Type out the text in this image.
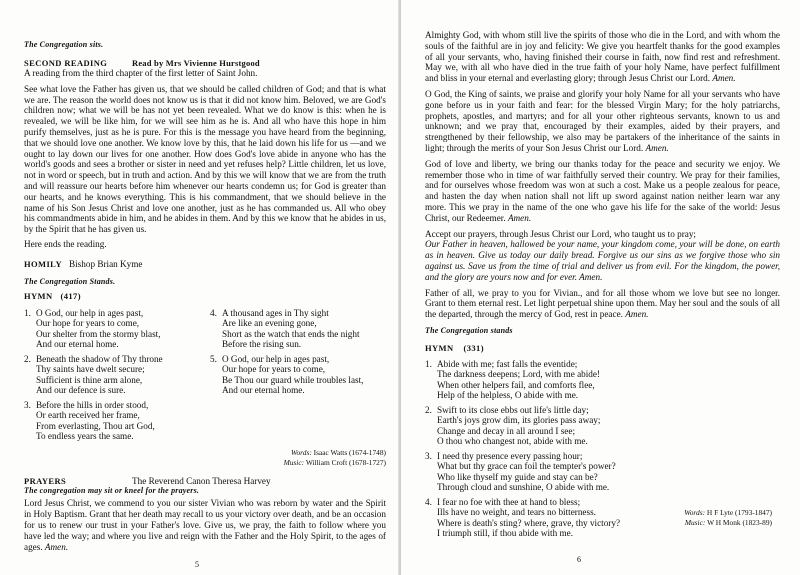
The Congregation sits.

SECOND READING	Read by Mrs Vivienne Hurstgood

A reading from the third chapter of the first letter of Saint John.

See what love the Father has given us, that we should be called children of God; and that is what we are. The reason the world does not know us is that it did not know him. Beloved, we are God's children now; what we will be has not yet been revealed. What we do know is this: when he is revealed, we will be like him, for we will see him as he is. And all who have this hope in him purify themselves, just as he is pure. For this is the message you have heard from the beginning, that we should love one another. We know love by this, that he laid down his life for us —and we ought to lay down our lives for one another. How does God's love abide in anyone who has the world's goods and sees a brother or sister in need and yet refuses help? Little children, let us love, not in word or speech, but in truth and action. And by this we will know that we are from the truth and will reassure our hearts before him whenever our hearts condemn us; for God is greater than our hearts, and he knows everything. This is his commandment, that we should believe in the name of his Son Jesus Christ and love one another, just as he has commanded us. All who obey his commandments abide in him, and he abides in them. And by this we know that he abides in us, by the Spirit that he has given us.

Here ends the reading.

HOMILY Bishop Brian Kyme

The Congregation Stands.

HYMN (417)
1. O God, our help in ages past,
Our hope for years to come,
Our shelter from the stormy blast,
And our eternal home.
2. Beneath the shadow of Thy throne
Thy saints have dwelt secure;
Sufficient is thine arm alone,
And our defence is sure.
3. Before the hills in order stood,
Or earth received her frame,
From everlasting, Thou art God,
To endless years the same.
4. A thousand ages in Thy sight
Are like an evening gone,
Short as the watch that ends the night
Before the rising sun.
5. O God, our help in ages past,
Our hope for years to come,
Be Thou our guard while troubles last,
And our eternal home.
Words: Isaac Watts (1674-1748)
Music: William Croft (1678-1727)
PRAYERS	The Reverend Canon Theresa Harvey

The congregation may sit or kneel for the prayers.

Lord Jesus Christ, we commend to you our sister Vivian who was reborn by water and the Spirit in Holy Baptism. Grant that her death may recall to us your victory over death, and be an occasion for us to renew our trust in your Father's love. Give us, we pray, the faith to follow where you have led the way; and where you live and reign with the Father and the Holy Spirit, to the ages of ages. Amen.

5

Almighty God, with whom still live the spirits of those who die in the Lord, and with whom the souls of the faithful are in joy and felicity: We give you heartfelt thanks for the good examples of all your servants, who, having finished their course in faith, now find rest and refreshment. May we, with all who have died in the true faith of your holy Name, have perfect fulfillment and bliss in your eternal and everlasting glory; through Jesus Christ our Lord. Amen.

O God, the King of saints, we praise and glorify your holy Name for all your servants who have gone before us in your faith and fear: for the blessed Virgin Mary; for the holy patriarchs, prophets, apostles, and martyrs; and for all your other righteous servants, known to us and unknown; and we pray that, encouraged by their examples, aided by their prayers, and strengthened by their fellowship, we also may be partakers of the inheritance of the saints in light; through the merits of your Son Jesus Christ our Lord. Amen.

God of love and liberty, we bring our thanks today for the peace and security we enjoy. We remember those who in time of war faithfully served their country. We pray for their families, and for ourselves whose freedom was won at such a cost. Make us a people zealous for peace, and hasten the day when nation shall not lift up sword against nation neither learn war any more. This we pray in the name of the one who gave his life for the sake of the world: Jesus Christ, our Redeemer. Amen.

Accept our prayers, through Jesus Christ our Lord, who taught us to pray;

Our Father in heaven, hallowed be your name, your kingdom come, your will be done, on earth as in heaven. Give us today our daily bread. Forgive us our sins as we forgive those who sin against us. Save us from the time of trial and deliver us from evil. For the kingdom, the power, and the glory are yours now and for ever. Amen.

Father of all, we pray to you for Vivian., and for all those whom we love but see no longer. Grant to them eternal rest. Let light perpetual shine upon them. May her soul and the souls of all the departed, through the mercy of God, rest in peace. Amen.

The Congregation stands

HYMN (331)
1. Abide with me; fast falls the eventide;
The darkness deepens; Lord, with me abide!
When other helpers fail, and comforts flee,
Help of the helpless, O abide with me.
2. Swift to its close ebbs out life's little day;
Earth's joys grow dim, its glories pass away;
Change and decay in all around I see;
O thou who changest not, abide with me.
3. I need thy presence every passing hour;
What but thy grace can foil the tempter's power?
Who like thyself my guide and stay can be?
Through cloud and sunshine, O abide with me.
4. I fear no foe with thee at hand to bless;
Ills have no weight, and tears no bitterness.
Where is death's sting? where, grave, thy victory?
I triumph still, if thou abide with me.
Words: H F Lyte (1793-1847)
Music: W H Monk (1823-89)
6
